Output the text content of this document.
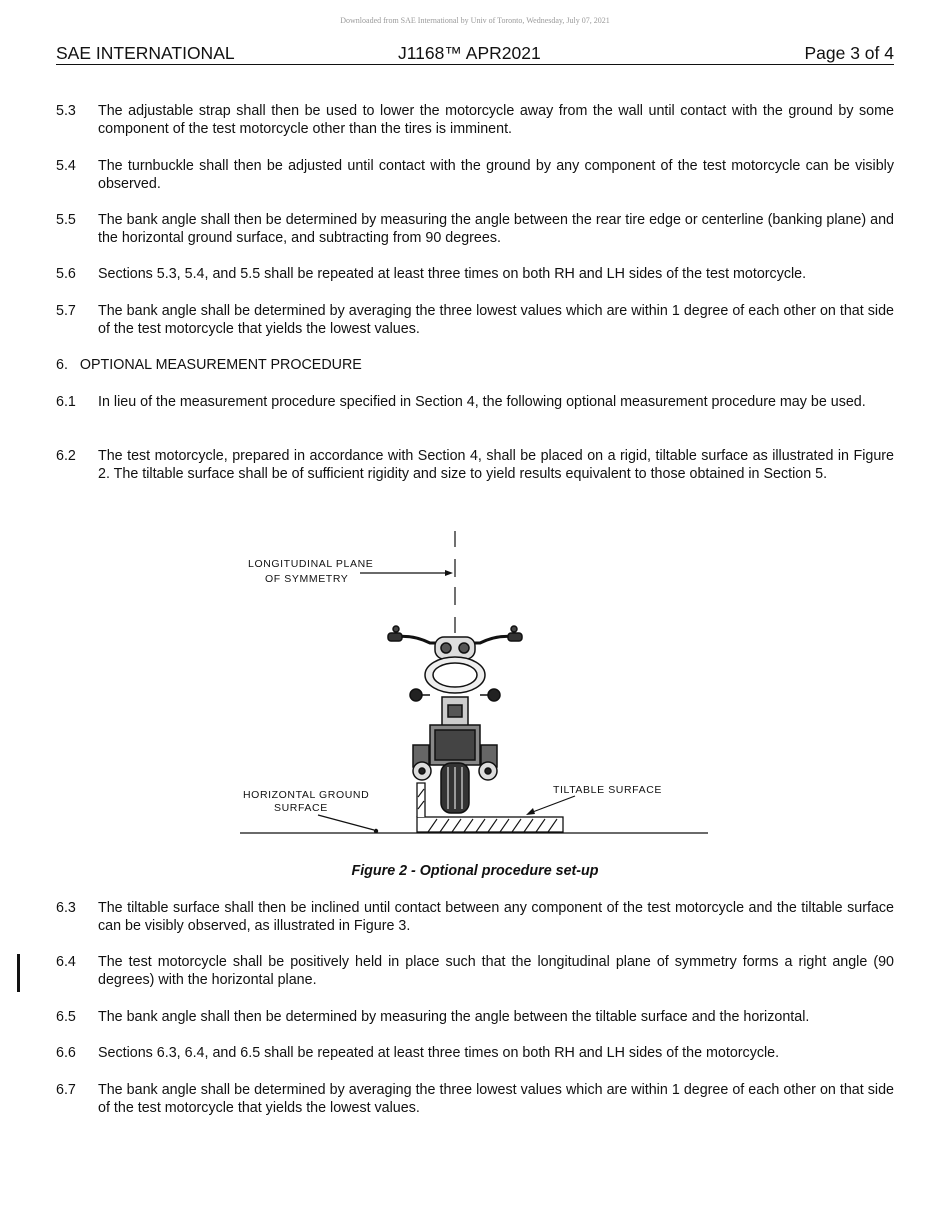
Downloaded from SAE International by Univ of Toronto, Wednesday, July 07, 2021
SAE INTERNATIONAL	J1168™ APR2021	Page 3 of 4
5.3	The adjustable strap shall then be used to lower the motorcycle away from the wall until contact with the ground by some component of the test motorcycle other than the tires is imminent.
5.4	The turnbuckle shall then be adjusted until contact with the ground by any component of the test motorcycle can be visibly observed.
5.5	The bank angle shall then be determined by measuring the angle between the rear tire edge or centerline (banking plane) and the horizontal ground surface, and subtracting from 90 degrees.
5.6	Sections 5.3, 5.4, and 5.5 shall be repeated at least three times on both RH and LH sides of the test motorcycle.
5.7	The bank angle shall be determined by averaging the three lowest values which are within 1 degree of each other on that side of the test motorcycle that yields the lowest values.
6.   OPTIONAL MEASUREMENT PROCEDURE
6.1	In lieu of the measurement procedure specified in Section 4, the following optional measurement procedure may be used.
6.2	The test motorcycle, prepared in accordance with Section 4, shall be placed on a rigid, tiltable surface as illustrated in Figure 2. The tiltable surface shall be of sufficient rigidity and size to yield results equivalent to those obtained in Section 5.
LONGITUDINAL PLANE
OF SYMMETRY
HORIZONTAL GROUND
SURFACE
TILTABLE SURFACE
Figure 2 - Optional procedure set-up
6.3	The tiltable surface shall then be inclined until contact between any component of the test motorcycle and the tiltable surface can be visibly observed, as illustrated in Figure 3.
6.4	The test motorcycle shall be positively held in place such that the longitudinal plane of symmetry forms a right angle (90 degrees) with the horizontal plane.
6.5	The bank angle shall then be determined by measuring the angle between the tiltable surface and the horizontal.
6.6	Sections 6.3, 6.4, and 6.5 shall be repeated at least three times on both RH and LH sides of the motorcycle.
6.7	The bank angle shall be determined by averaging the three lowest values which are within 1 degree of each other on that side of the test motorcycle that yields the lowest values.
